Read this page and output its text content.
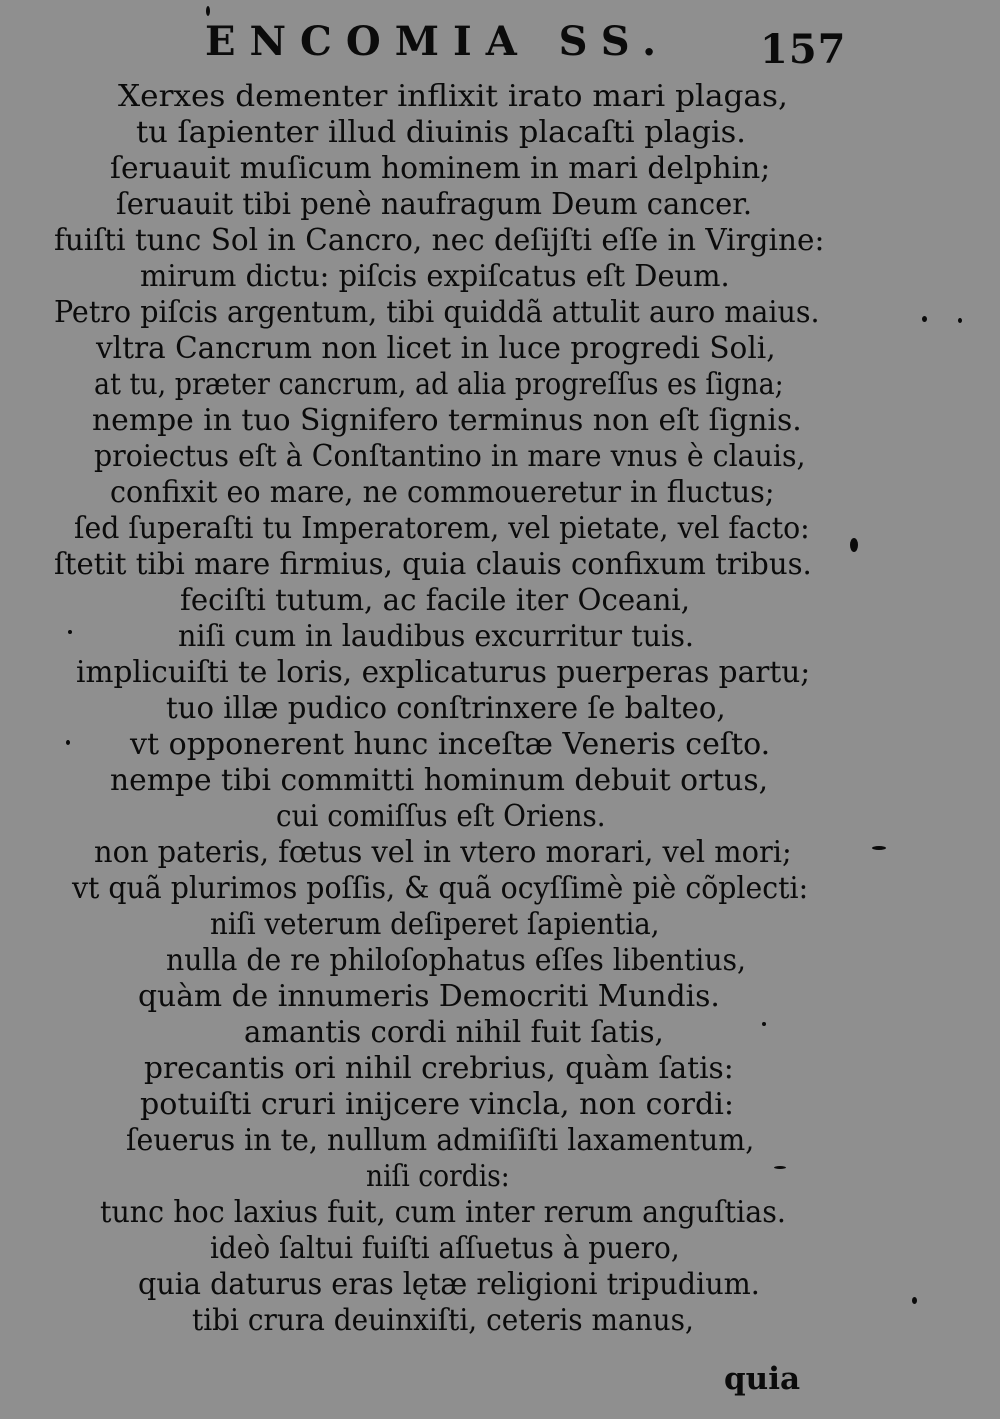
ENCOMIA SS. 157
Xerxes dementer inflixit irato mari plagas,
tu ſapienter illud diuinis placaſti plagis.
ſeruauit muſicum hominem in mari delphin;
ſeruauit tibi penè naufragum Deum cancer.
fuiſti tunc Sol in Cancro, nec deſijſti eſſe in Virgine:
mirum dictu: piſcis expiſcatus eſt Deum.
Petro piſcis argentum, tibi quiddã attulit auro maius.
vltra Cancrum non licet in luce progredi Soli,
at tu, præter cancrum, ad alia progreſſus es ſigna;
nempe in tuo Signifero terminus non eſt ſignis.
proiectus eſt à Conſtantino in mare vnus è clauis,
confixit eo mare, ne commoueretur in fluctus;
ſed ſuperaſti tu Imperatorem, vel pietate, vel facto:
ſtetit tibi mare firmius, quia clauis confixum tribus.
feciſti tutum, ac facile iter Oceani,
niſi cum in laudibus excurritur tuis.
implicuiſti te loris, explicaturus puerperas partu;
tuo illæ pudico conſtrinxere ſe balteo,
vt opponerent hunc inceſtæ Veneris ceſto.
nempe tibi committi hominum debuit ortus,
cui comiſſus eſt Oriens.
non pateris, fœtus vel in vtero morari, vel mori;
vt quã plurimos poſſis, & quã ocyſſimè piè cõplecti:
niſi veterum deſiperet ſapientia,
nulla de re philoſophatus eſſes libentius,
quàm de innumeris Democriti Mundis.
amantis cordi nihil fuit ſatis,
precantis ori nihil crebrius, quàm ſatis:
potuiſti cruri inijcere vincla, non cordi:
ſeuerus in te, nullum admiſiſti laxamentum,
niſi cordis:
tunc hoc laxius fuit, cum inter rerum anguſtias.
ideò ſaltui fuiſti aſſuetus à puero,
quia daturus eras lętæ religioni tripudium.
tibi crura deuinxiſti, ceteris manus,
quia
